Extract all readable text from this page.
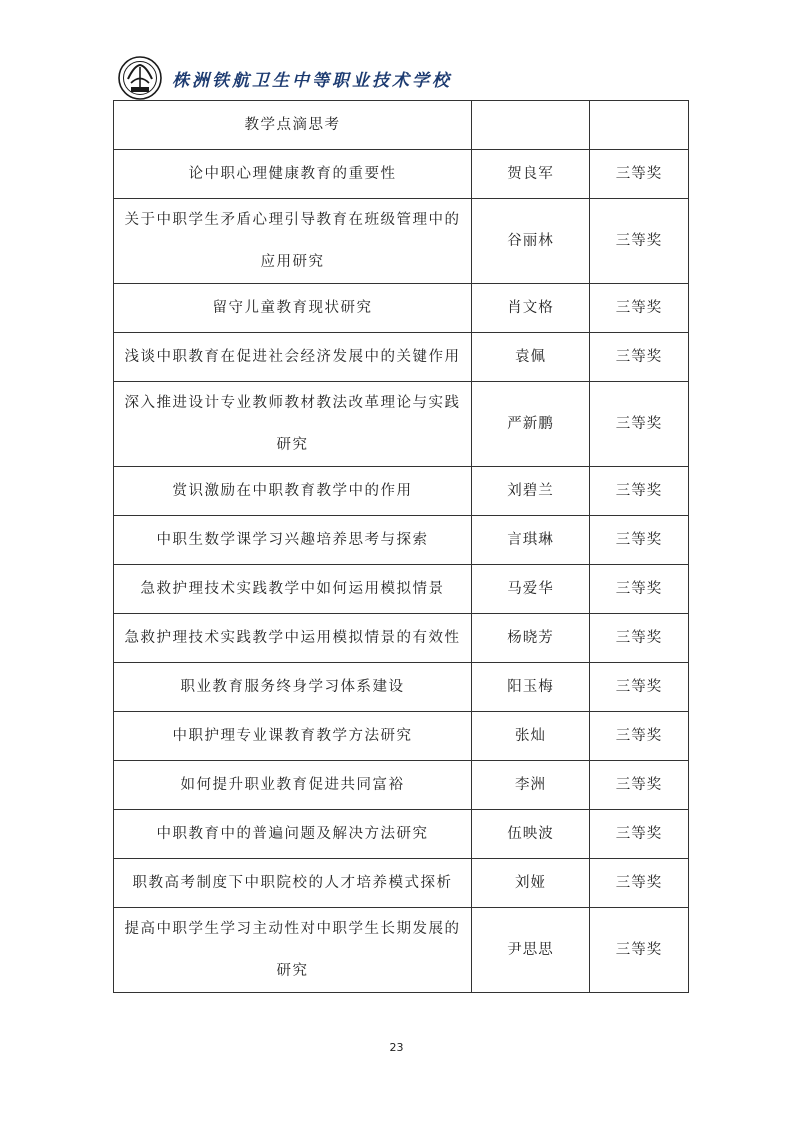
株洲铁航卫生中等职业技术学校
教学点滴思考		
论中职心理健康教育的重要性	贺良军	三等奖
关于中职学生矛盾心理引导教育在班级管理中的应用研究	谷丽林	三等奖
留守儿童教育现状研究	肖文格	三等奖
浅谈中职教育在促进社会经济发展中的关键作用	袁佩	三等奖
深入推进设计专业教师教材教法改革理论与实践研究	严新鹏	三等奖
赏识激励在中职教育教学中的作用	刘碧兰	三等奖
中职生数学课学习兴趣培养思考与探索	言琪琳	三等奖
急救护理技术实践教学中如何运用模拟情景	马爱华	三等奖
急救护理技术实践教学中运用模拟情景的有效性	杨晓芳	三等奖
职业教育服务终身学习体系建设	阳玉梅	三等奖
中职护理专业课教育教学方法研究	张灿	三等奖
如何提升职业教育促进共同富裕	李洲	三等奖
中职教育中的普遍问题及解决方法研究	伍映波	三等奖
职教高考制度下中职院校的人才培养模式探析	刘娅	三等奖
提高中职学生学习主动性对中职学生长期发展的研究	尹思思	三等奖
23
